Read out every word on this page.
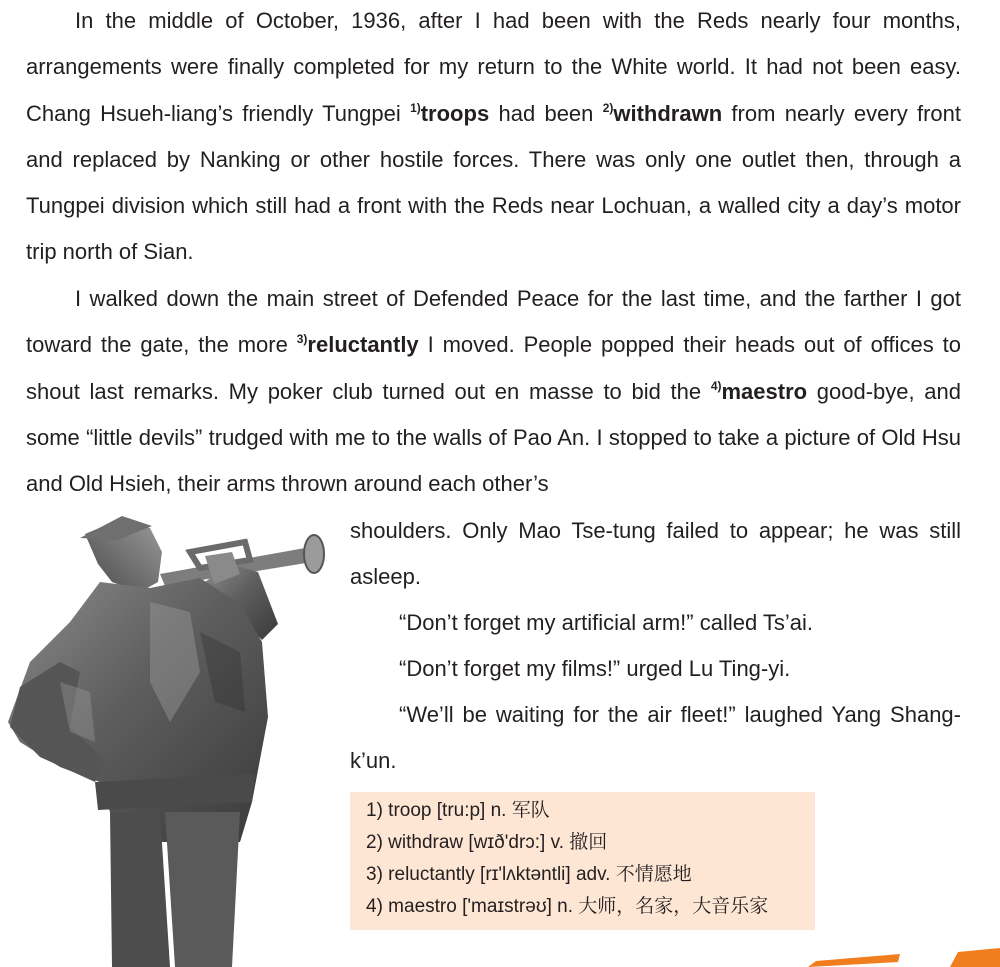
In the middle of October, 1936, after I had been with the Reds nearly four months, arrangements were finally completed for my return to the White world. It had not been easy. Chang Hsueh-liang’s friendly Tungpei $^{1)}$troops had been $^{2)}$withdrawn from nearly every front and replaced by Nanking or other hostile forces. There was only one outlet then, through a Tungpei division which still had a front with the Reds near Lochuan, a walled city a day’s motor trip north of Sian.

I walked down the main street of Defended Peace for the last time, and the farther I got toward the gate, the more $^{3)}$reluctantly I moved. People popped their heads out of offices to shout last remarks. My poker club turned out en masse to bid the $^{4)}$maestro good-bye, and some “little devils” trudged with me to the walls of Pao An. I stopped to take a picture of Old Hsu and Old Hsieh, their arms thrown around each other’s

shoulders. Only Mao Tse-tung failed to appear; he was still asleep.

“Don’t forget my artificial arm!” called Ts’ai.

“Don’t forget my films!” urged Lu Ting-yi.

“We’ll be waiting for the air fleet!” laughed Yang Shang-k’un.

1) troop [tru:p] n. 军队
2) withdraw [wɪð'drɔ:] v. 撤回
3) reluctantly [rɪ'lʌktəntli] adv. 不情愿地
4) maestro ['maɪstrəʊ] n. 大师，名家，大音乐家
